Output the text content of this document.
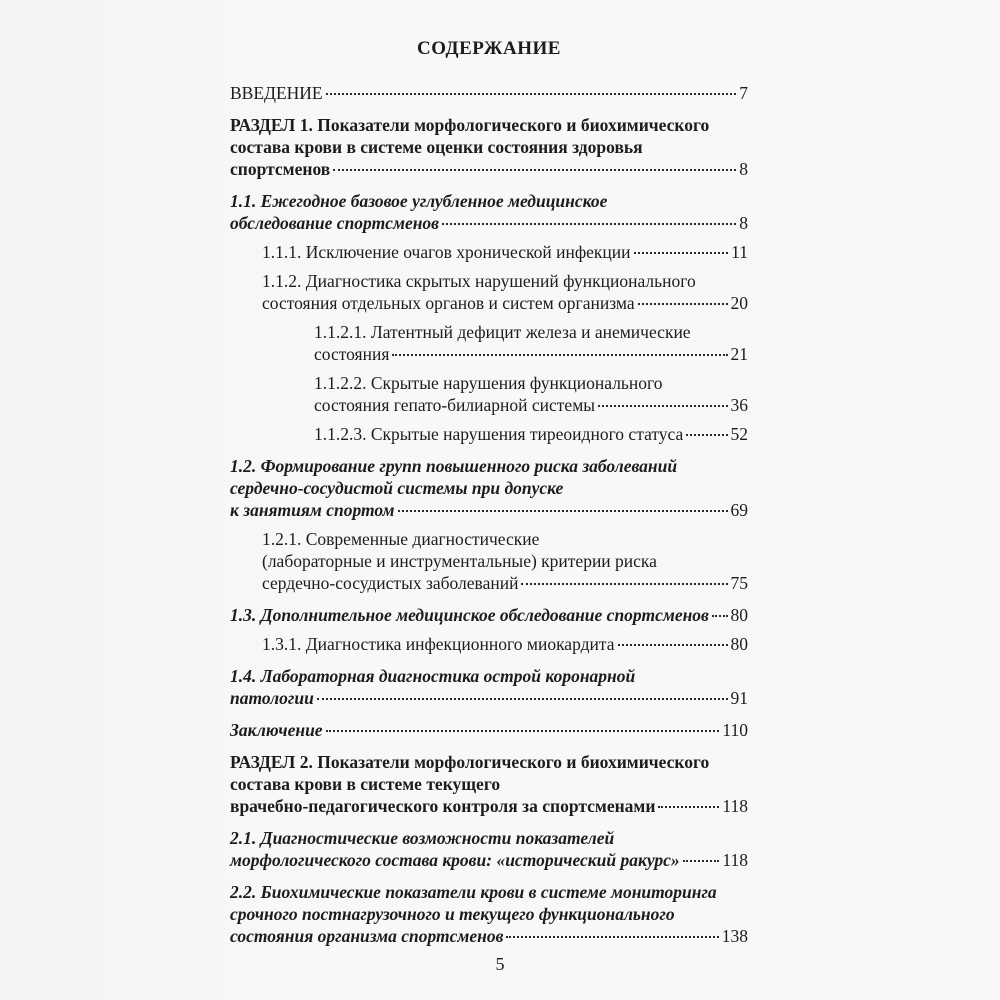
СОДЕРЖАНИЕ
ВВЕДЕНИЕ	7
РАЗДЕЛ 1. Показатели морфологического и биохимического
состава крови в системе оценки состояния здоровья
спортсменов	8
1.1. Ежегодное базовое углубленное медицинское
обследование спортсменов	8
1.1.1. Исключение очагов хронической инфекции	11
1.1.2. Диагностика скрытых нарушений функционального
состояния отдельных органов и систем организма	20
1.1.2.1. Латентный дефицит железа и анемические
состояния	21
1.1.2.2. Скрытые нарушения функционального
состояния гепато-билиарной системы	36
1.1.2.3. Скрытые нарушения тиреоидного статуса	52
1.2. Формирование групп повышенного риска заболеваний
сердечно-сосудистой системы при допуске
к занятиям спортом	69
1.2.1. Современные диагностические
(лабораторные и инструментальные) критерии риска
сердечно-сосудистых заболеваний	75
1.3. Дополнительное медицинское обследование спортсменов 80
1.3.1. Диагностика инфекционного миокардита	80
1.4. Лабораторная диагностика острой коронарной
патологии	91
Заключение	110
РАЗДЕЛ 2. Показатели морфологического и биохимического
состава крови в системе текущего
врачебно-педагогического контроля за спортсменами	118
2.1. Диагностические возможности показателей
морфологического состава крови: «исторический ракурс» 118
2.2. Биохимические показатели крови в системе мониторинга
срочного постнагрузочного и текущего функционального
состояния организма спортсменов	138
5
